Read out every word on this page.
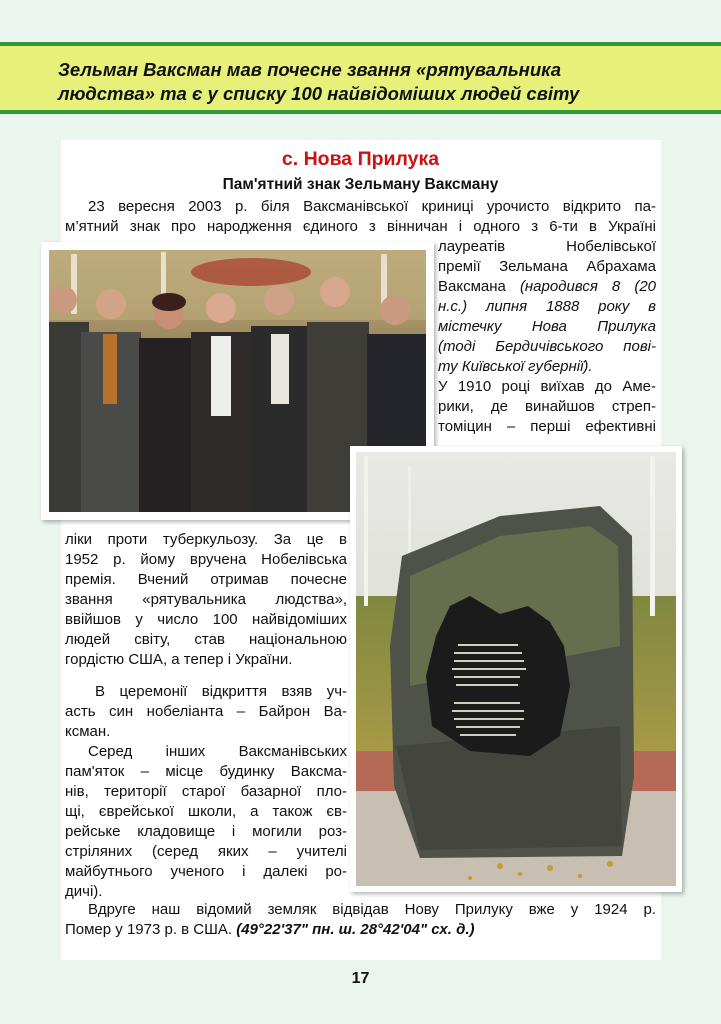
Зельман Ваксман мав почесне звання «рятувальника
людства» та є у списку 100 найвідоміших людей світу

с. Нова Прилука
Пам'ятний знак Зельману Ваксману
23 вересня 2003 р. біля Ваксманівської криниці урочисто відкрито па-
м’ятний знак про народження єдиного з вінничан і одного з 6-ти в Україні
лауреатів Нобелівської
премії Зельмана Абрахама
Ваксмана (народився 8 (20
н.с.) липня 1888 року в
містечку Нова Прилука
(тоді Бердичівського пові-
ту Київської губернії).
У 1910 році виїхав до Аме-
рики, де винайшов стреп-
томіцин – перші ефективні
ліки проти туберкульозу. За це в
1952 р. йому вручена Нобелівська
премія. Вчений отримав почесне
звання «рятувальника людства»,
ввійшов у число 100 найвідоміших
людей світу, став національною
гордістю США, а тепер і України.
В церемонії відкриття взяв уч-
асть син нобеліанта – Байрон Ва-
ксман.
Серед інших Ваксманівських
пам'яток – місце будинку Ваксма-
нів, території старої базарної пло-
щі, єврейської школи, а також єв-
рейське кладовище і могили роз-
стріляних (серед яких – учителі
майбутнього ученого і далекі ро-
дичі).
Вдруге наш відомий земляк відвідав Нову Прилуку вже у 1924 р.
Помер у 1973 р. в США. (49°22'37" пн. ш. 28°42'04" сх. д.)
17
